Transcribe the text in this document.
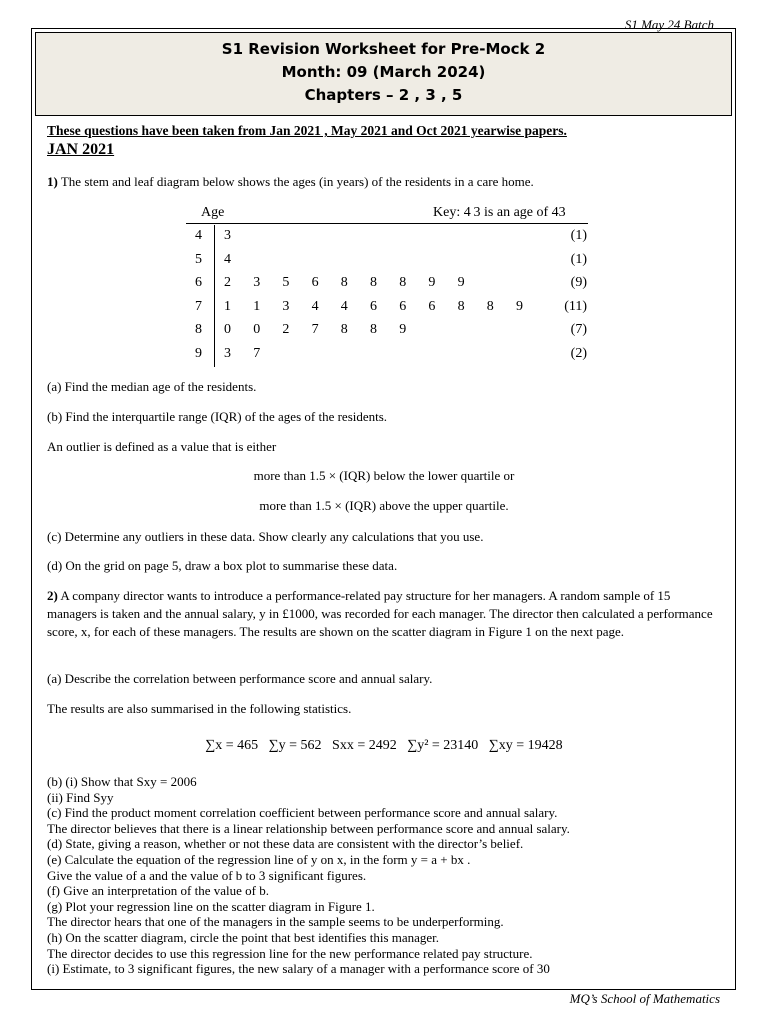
S1 May 24 Batch
S1 Revision Worksheet for Pre-Mock 2
Month: 09 (March 2024)
Chapters – 2 , 3 , 5
These questions have been taken from Jan 2021 , May 2021 and Oct 2021 yearwise papers.
JAN 2021
1) The stem and leaf diagram below shows the ages (in years) of the residents in a care home.
4 3	(1)
5 4	(1)
6 2 3 5 6 8 8 8 9 9	(9)
7 1 1 3 4 4 6 6 6 8 8 9	(11)
8 0 0 2 7 8 8 9	(7)
9 3 7	(2)
Age	Key: 4 3 is an age of 43
(a) Find the median age of the residents.
(b) Find the interquartile range (IQR) of the ages of the residents.
An outlier is defined as a value that is either
more than 1.5 × (IQR) below the lower quartile or
more than 1.5 × (IQR) above the upper quartile.
(c) Determine any outliers in these data. Show clearly any calculations that you use.
(d) On the grid on page 5, draw a box plot to summarise these data.
2) A company director wants to introduce a performance-related pay structure for her managers. A random sample of 15 managers is taken and the annual salary, y in £1000, was recorded for each manager. The director then calculated a performance score, x, for each of these managers. The results are shown on the scatter diagram in Figure 1 on the next page.
(a) Describe the correlation between performance score and annual salary.
The results are also summarised in the following statistics.
∑x = 465   ∑y = 562   Sxx = 2492   ∑y² = 23140   ∑xy = 19428
(b) (i) Show that Sxy = 2006
(ii) Find Syy
(c) Find the product moment correlation coefficient between performance score and annual salary.
The director believes that there is a linear relationship between performance score and annual salary.
(d) State, giving a reason, whether or not these data are consistent with the director’s belief.
(e) Calculate the equation of the regression line of y on x, in the form y = a + bx .
Give the value of a and the value of b to 3 significant figures.
(f) Give an interpretation of the value of b.
(g) Plot your regression line on the scatter diagram in Figure 1.
The director hears that one of the managers in the sample seems to be underperforming.
(h) On the scatter diagram, circle the point that best identifies this manager.
The director decides to use this regression line for the new performance related pay structure.
(i) Estimate, to 3 significant figures, the new salary of a manager with a performance score of 30
MQ’s School of Mathematics
